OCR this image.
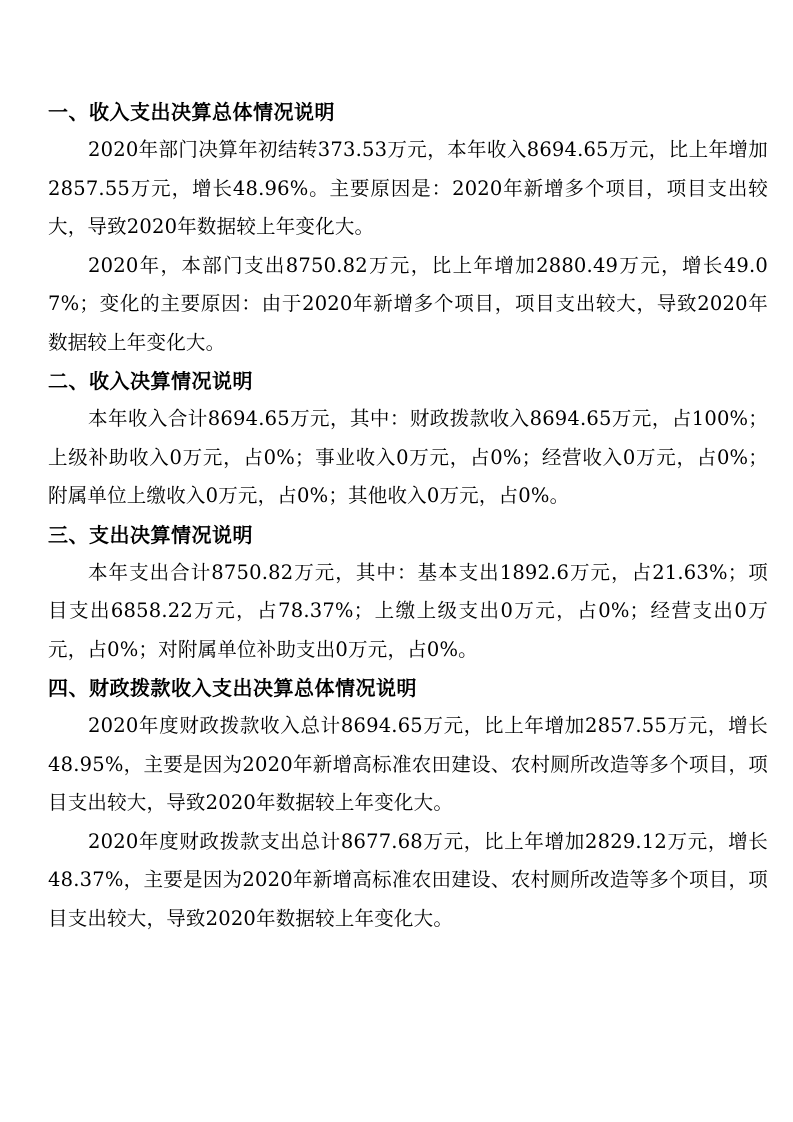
一、收入支出决算总体情况说明

2020年部门决算年初结转373.53万元，本年收入8694.65万元，比上年增加2857.55万元，增长48.96%。主要原因是：2020年新增多个项目，项目支出较大，导致2020年数据较上年变化大。

2020年，本部门支出8750.82万元，比上年增加2880.49万元，增长49.07%；变化的主要原因：由于2020年新增多个项目，项目支出较大，导致2020年数据较上年变化大。

二、收入决算情况说明

本年收入合计8694.65万元，其中：财政拨款收入8694.65万元，占100%；上级补助收入0万元，占0%；事业收入0万元，占0%；经营收入0万元，占0%；附属单位上缴收入0万元，占0%；其他收入0万元，占0%。

三、支出决算情况说明

本年支出合计8750.82万元，其中：基本支出1892.6万元，占21.63%；项目支出6858.22万元，占78.37%；上缴上级支出0万元，占0%；经营支出0万元，占0%；对附属单位补助支出0万元，占0%。

四、财政拨款收入支出决算总体情况说明

2020年度财政拨款收入总计8694.65万元，比上年增加2857.55万元，增长48.95%，主要是因为2020年新增高标准农田建设、农村厕所改造等多个项目，项目支出较大，导致2020年数据较上年变化大。

2020年度财政拨款支出总计8677.68万元，比上年增加2829.12万元，增长48.37%，主要是因为2020年新增高标准农田建设、农村厕所改造等多个项目，项目支出较大，导致2020年数据较上年变化大。
